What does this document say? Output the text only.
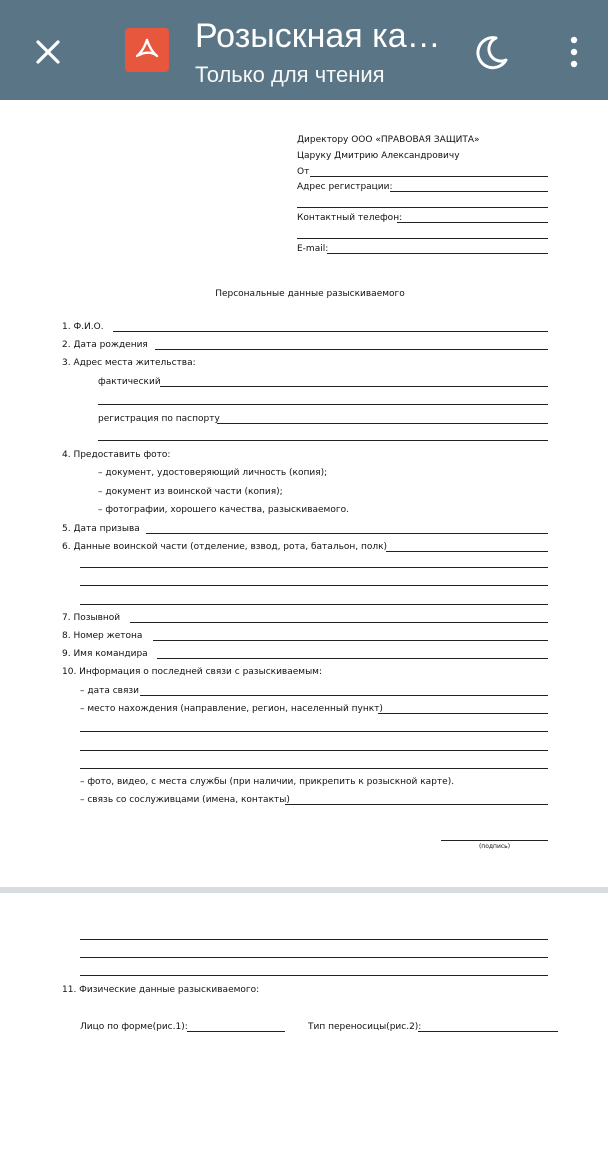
Розыскная ка…
Только для чтения
Директору ООО «ПРАВОВАЯ ЗАЩИТА»
Царуку Дмитрию Александровичу
От
Адрес регистрации:
Контактный телефон:
E-mail:
Персональные данные разыскиваемого
1. Ф.И.О.
2. Дата рождения
3. Адрес места жительства:
фактический
регистрация по паспорту
4. Предоставить фото:
– документ, удостоверяющий личность (копия);
– документ из воинской части (копия);
– фотографии, хорошего качества, разыскиваемого.
5. Дата призыва
6. Данные воинской части (отделение, взвод, рота, батальон, полк)
7. Позывной
8. Номер жетона
9. Имя командира
10. Информация о последней связи с разыскиваемым:
– дата связи
– место нахождения (направление, регион, населенный пункт)
– фото, видео, с места службы (при наличии, прикрепить к розыскной карте).
– связь со сослуживцами (имена, контакты)
(подпись)
11. Физические данные разыскиваемого:
Лицо по форме(рис.1):	Тип переносицы(рис.2):
